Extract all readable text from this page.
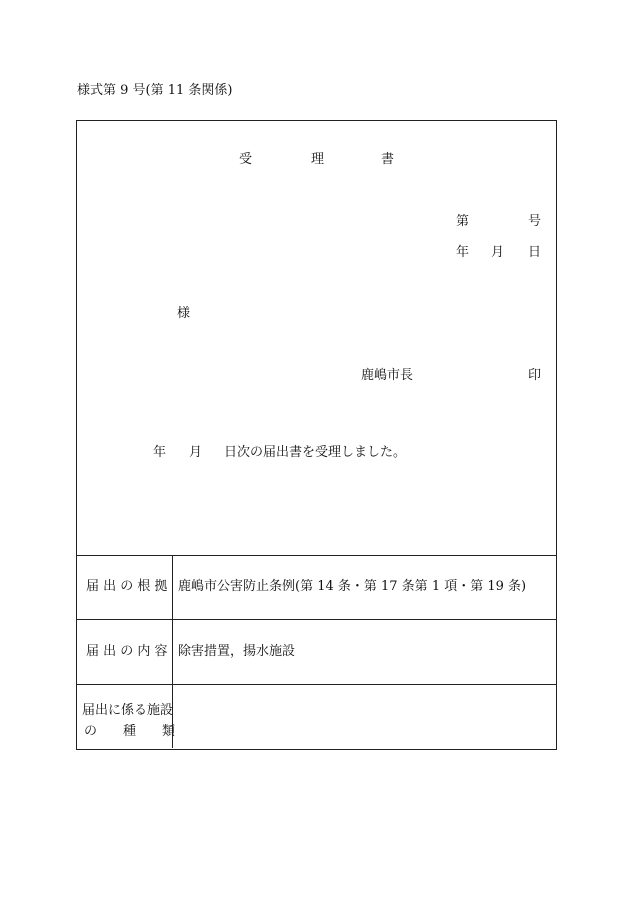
様式第 9 号(第 11 条関係)
受	理	書
第	号
年 月 日
様
鹿嶋市長	印
年 月 日次の届出書を受理しました。
届 出 の 根 拠 鹿嶋市公害防止条例(第 14 条・第 17 条第 1 項・第 19 条)
届 出 の 内 容 除害措置，揚水施設
届出に係る施設
の　　種　　類
